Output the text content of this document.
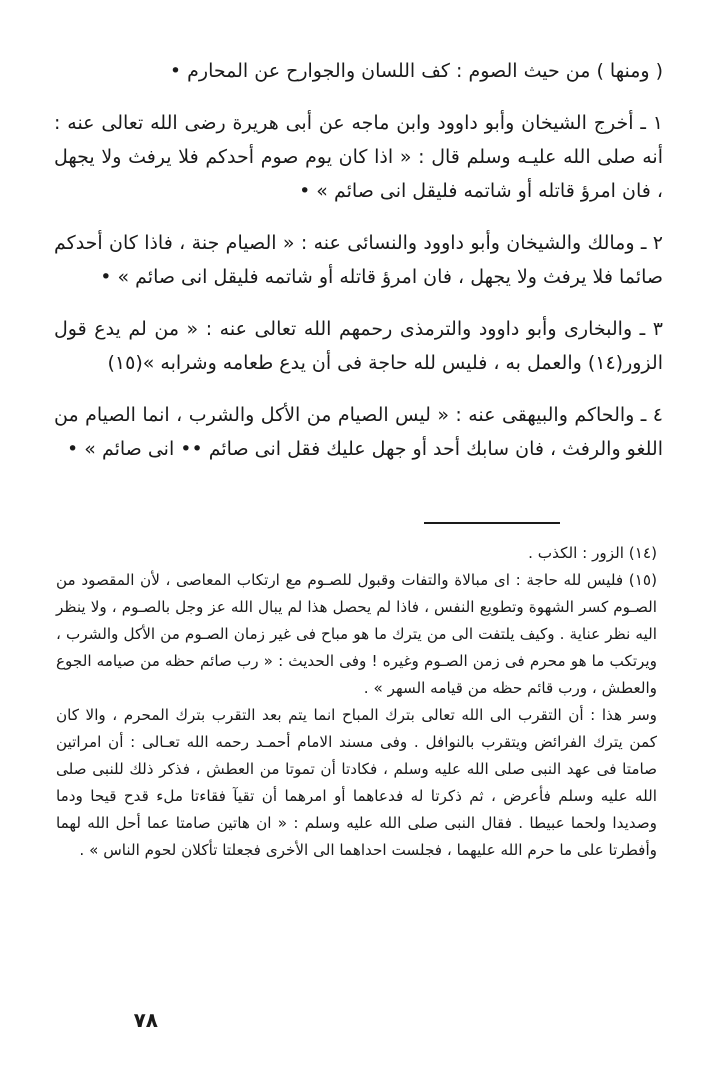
( ومنها ) من حيث الصوم : كف اللسان والجوارح عن المحارم •

١ ـ أخرج الشيخان وأبو داوود وابن ماجه عن أبى هريرة رضى الله تعالى عنه : أنه صلى الله عليـه وسلم قال : « اذا كان يوم صوم أحدكم فلا يرفث ولا يجهل ، فان امرؤ قاتله أو شاتمه فليقل انى صائم » •

٢ ـ ومالك والشيخان وأبو داوود والنسائى عنه : « الصيام جنة ، فاذا كان أحدكم صائما فلا يرفث ولا يجهل ، فان امرؤ قاتله أو شاتمه فليقل انى صائم » •

٣ ـ والبخارى وأبو داوود والترمذى رحمهم الله تعالى عنه : « من لم يدع قول الزور(١٤) والعمل به ، فليس لله حاجة فى أن يدع طعامه وشرابه »(١٥)

٤ ـ والحاكم والبيهقى عنه : « ليس الصيام من الأكل والشرب ، انما الصيام من اللغو والرفث ، فان سابك أحد أو جهل عليك فقل انى صائم •• انى صائم » •

(١٤) الزور : الكذب .

(١٥) فليس لله حاجة : اى مبالاة والتفات وقبول للصـوم مع ارتكاب المعاصى ، لأن المقصود من الصـوم كسر الشهوة وتطويع النفس ، فاذا لم يحصل هذا لم يبال الله عز وجل بالصـوم ، ولا ينظر اليه نظر عناية . وكيف يلتفت الى من يترك ما هو مباح فى غير زمان الصـوم من الأكل والشرب ، ويرتكب ما هو محرم فى زمن الصـوم وغيره ! وفى الحديث : « رب صائم حظه من صيامه الجوع والعطش ، ورب قائم حظه من قيامه السهر » .

وسر هذا : أن التقرب الى الله تعالى بترك المباح انما يتم بعد التقرب بترك المحرم ، والا كان كمن يترك الفرائض ويتقرب بالنوافل . وفى مسند الامام أحمـد رحمه الله تعـالى : أن امراتين صامتا فى عهد النبى صلى الله عليه وسلم ، فكادتا أن تموتا من العطش ، فذكر ذلك للنبى صلى الله عليه وسلم فأعرض ، ثم ذكرتا له فدعاهما أو امرهما أن تقيآ فقاءتا ملء قدح قيحا ودما وصديدا ولحما عبيطا . فقال النبى صلى الله عليه وسلم : « ان هاتين صامتا عما أحل الله لهما وأفطرتا على ما حرم الله عليهما ، فجلست احداهما الى الأخرى فجعلتا تأكلان لحوم الناس » .

٧٨
